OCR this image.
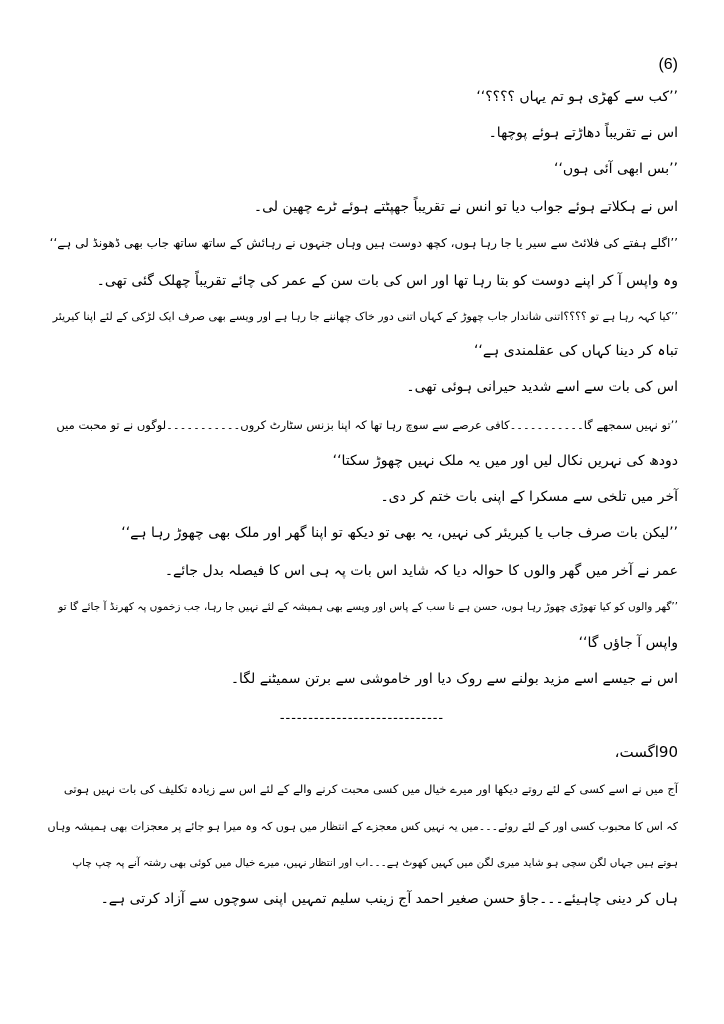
(6)
’’کب سے کھڑی ہو تم یہاں ؟؟؟؟‘‘
اس نے تقریباً دھاڑتے ہوئے پوچھا۔
’’بس ابھی آئی ہوں‘‘
اس نے ہکلاتے ہوئے جواب دیا تو انس نے تقریباً جھپٹتے ہوئے ٹرے چھین لی۔
’’اگلے ہفتے کی فلائٹ سے سیر یا جا رہا ہوں، کچھ دوست ہیں وہاں جنہوں نے رہائش کے ساتھ ساتھ جاب بھی ڈھونڈ لی ہے‘‘
وہ واپس آ کر اپنے دوست کو بتا رہا تھا اور اس کی بات سن کے عمر کی چائے تقریباً چھلک گئی تھی۔
’’کیا کہہ رہا ہے تو ؟؟؟؟اتنی شاندار جاب چھوڑ کے کہاں اتنی دور خاک چھاننے جا رہا ہے اور ویسے بھی صرف ایک لڑکی کے لئے اپنا کیریئر
تباہ کر دینا کہاں کی عقلمندی ہے‘‘
اس کی بات سے اسے شدید حیرانی ہوئی تھی۔
’’تو نہیں سمجھے گا۔۔۔۔۔۔۔۔۔۔۔کافی عرصے سے سوچ رہا تھا کہ اپنا بزنس سٹارٹ کروں۔۔۔۔۔۔۔۔۔۔۔لوگوں نے تو محبت میں
دودھ کی نہریں نکال لیں اور میں یہ ملک نہیں چھوڑ سکتا‘‘
آخر میں تلخی سے مسکرا کے اپنی بات ختم کر دی۔
’’لیکن بات صرف جاب یا کیریئر کی نہیں، یہ بھی تو دیکھ تو اپنا گھر اور ملک بھی چھوڑ رہا ہے‘‘
عمر نے آخر میں گھر والوں کا حوالہ دیا کہ شاید اس بات پہ ہی اس کا فیصلہ بدل جائے۔
’’گھر والوں کو کیا تھوڑی چھوڑ رہا ہوں، حسن ہے نا سب کے پاس اور ویسے بھی ہمیشہ کے لئے نہیں جا رہا، جب زخموں پہ کھرنڈ آ جائے گا تو
واپس آ جاؤں گا‘‘
اس نے جیسے اسے مزید بولنے سے روک دیا اور خاموشی سے برتن سمیٹنے لگا۔
-----------------------------
90اگست،
آج میں نے اسے کسی کے لئے روتے دیکھا اور میرے خیال میں کسی محبت کرنے والے کے لئے اس سے زیادہ تکلیف کی بات نہیں ہوتی
کہ اس کا محبوب کسی اور کے لئے روئے۔۔۔میں یہ نہیں کس معجزے کے انتظار میں ہوں کہ وہ میرا ہو جائے پر معجزات بھی ہمیشہ وہاں
ہوتے ہیں جہاں لگن سچی ہو شاید میری لگن میں کہیں کھوٹ ہے۔۔۔اب اور انتظار نہیں، میرے خیال میں کوئی بھی رشتہ آنے پہ چپ چاپ
ہاں کر دینی چاہیئے۔۔۔جاؤ حسن صغیر احمد آج زینب سلیم تمہیں اپنی سوچوں سے آزاد کرتی ہے۔
